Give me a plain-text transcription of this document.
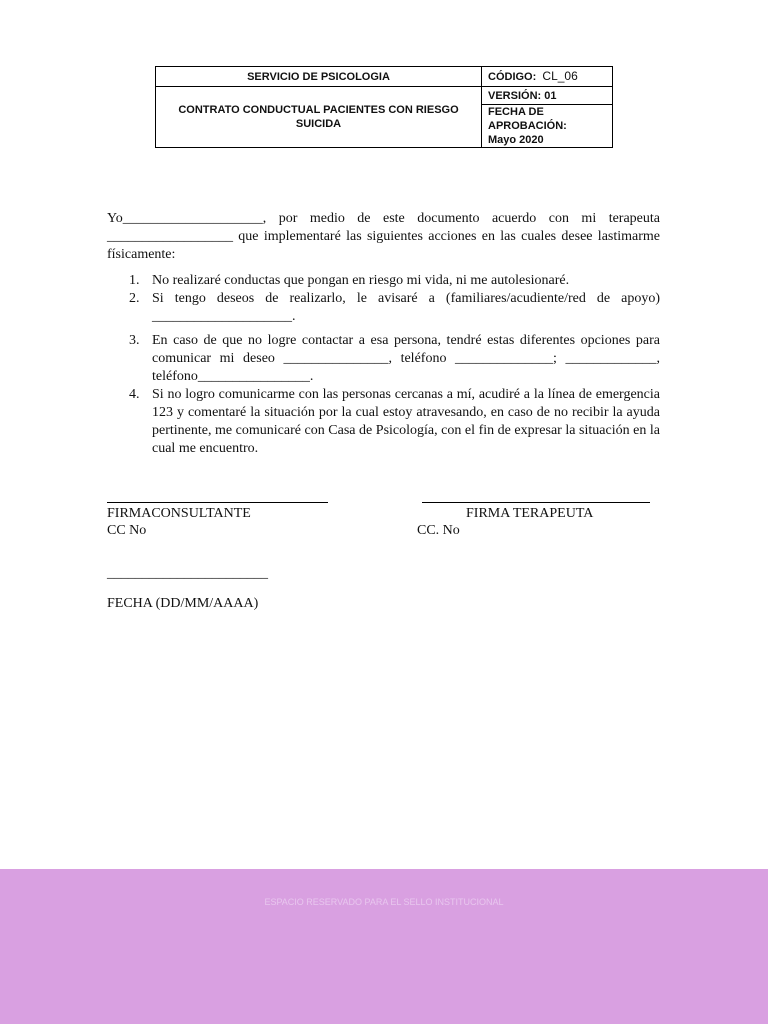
SERVICIO DE PSICOLOGIA	CÓDIGO: CL_06
CONTRATO CONDUCTUAL PACIENTES CON RIESGO SUICIDA	VERSIÓN: 01

	FECHA DE APROBACIÓN:
Mayo 2020

Yo____________________, por medio de este documento acuerdo con mi terapeuta __________________ que implementaré las siguientes acciones en las cuales desee lastimarme físicamente:

1. No realizaré conductas que pongan en riesgo mi vida, ni me autolesionaré.
2. Si tengo deseos de realizarlo, le avisaré a (familiares/acudiente/red de apoyo) ____________________.
3. En caso de que no logre contactar a esa persona, tendré estas diferentes opciones para comunicar mi deseo _______________, teléfono ______________; _____________, teléfono________________.
4. Si no logro comunicarme con las personas cercanas a mí, acudiré a la línea de emergencia 123 y comentaré la situación por la cual estoy atravesando, en caso de no recibir la ayuda pertinente, me comunicaré con Casa de Psicología, con el fin de expresar la situación en la cual me encuentro.
FIRMACONSULTANTE	FIRMA TERAPEUTA
CC No	CC. No
_______________________
FECHA (DD/MM/AAAA)
ESPACIO RESERVADO PARA EL SELLO INSTITUCIONAL
